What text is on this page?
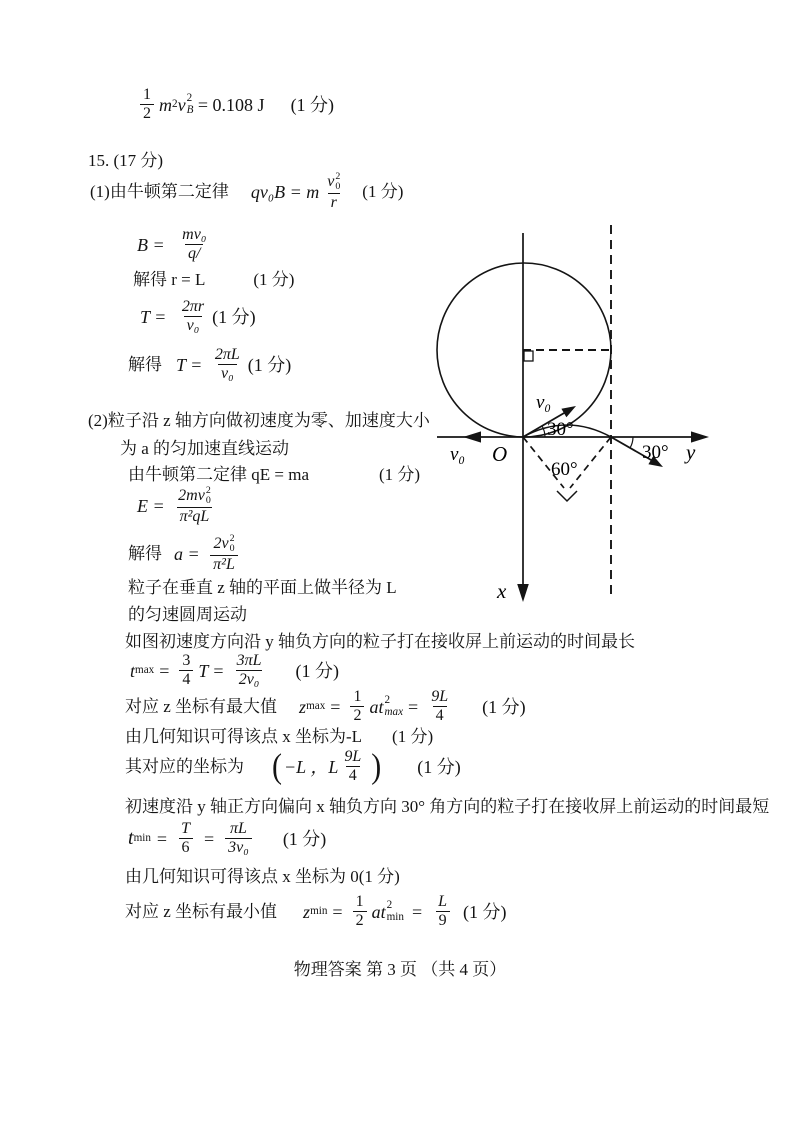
$\frac{1}{2}$ m 2 v 2
B = 0.108 J (1 分)
15. (17 分)
(1)由牛顿第二定律 qv₀B = m v 2
0
r (1 分)
$B = \frac{\text{mv₀}}{q/}$
解得 r = L	(1 分)
$T = \frac{2\pi r}{\text{v₀}} (1$ 分)
解得 $T = \frac{2\pi L}{\text{v₀}} (1$ 分)
(2)粒子沿 z 轴方向做初速度为零、加速度大小
为 a 的匀加速直线运动
由牛顿第二定律 qE = ma	(1 分)
E = 2m v 2
0
π²qL
解得 a = 2 v 2
0
π²L
粒子在垂直 z 轴的平面上做半径为 L
的匀速圆周运动
如图初速度方向沿 y 轴负方向的粒子打在接收屏上前运动的时间最长
t $\max = \frac{3}{4}$ $T = \frac{3\pi L}{\text{2v₀}} (1$ 分)
对应 z 坐标有最大值 z $\max = \frac{1}{2}$ a t 2
$\max = \frac{9L}{4} (1$ 分)
由几何知识可得该点 x 坐标为-L (1 分)
其对应的坐标为 ( −L ，L $\frac{9L}{4}$ ) (1 分)
初速度沿 y 轴正方向偏向 x 轴负方向 30° 角方向的粒子打在接收屏上前运动的时间最短
t $\min = \frac{T}{6} = \frac{\pi L}{\text{3v₀}} (1$ 分)
由几何知识可得该点 x 坐标为 0 (1 分)
对应 z 坐标有最小值 z $\min = \frac{1}{2}$ a t 2
$\min = \frac{L}{9} (1$ 分)
v₀ O
v₀
30°
30°
60°
y
x
物理答案 第 3 页 （共 4 页）
